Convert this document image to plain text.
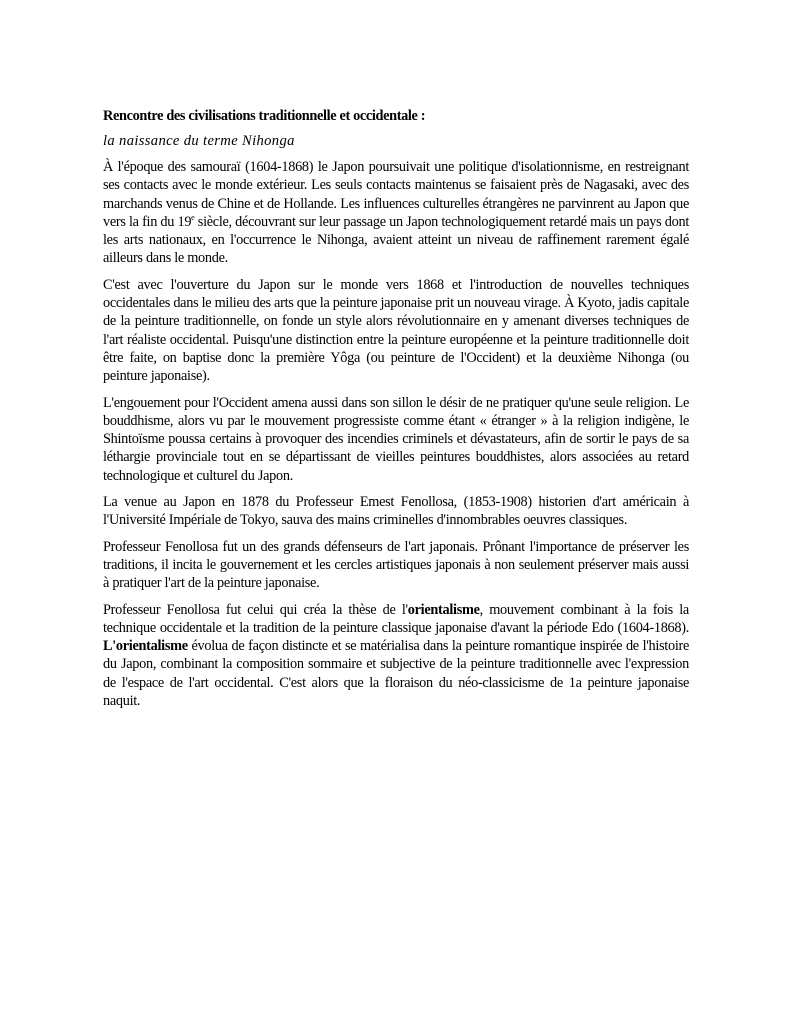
Rencontre des civilisations traditionnelle et occidentale :
la naissance du terme Nihonga

À l'époque des samouraï (1604-1868) le Japon poursuivait une politique d'isolationnisme, en restreignant ses contacts avec le monde extérieur. Les seuls contacts maintenus se faisaient près de Nagasaki, avec des marchands venus de Chine et de Hollande. Les influences culturelles étrangères ne parvinrent au Japon que vers la fin du 19e siècle, découvrant sur leur passage un Japon technologiquement retardé mais un pays dont les arts nationaux, en l'occurrence le Nihonga, avaient atteint un niveau de raffinement rarement égalé ailleurs dans le monde.

C'est avec l'ouverture du Japon sur le monde vers 1868 et l'introduction de nouvelles techniques occidentales dans le milieu des arts que la peinture japonaise prit un nouveau virage. À Kyoto, jadis capitale de la peinture traditionnelle, on fonde un style alors révolutionnaire en y amenant diverses techniques de l'art réaliste occidental. Puisqu'une distinction entre la peinture européenne et la peinture traditionnelle doit être faite, on baptise donc la première Yôga (ou peinture de l'Occident) et la deuxième Nihonga (ou peinture japonaise).

L'engouement pour l'Occident amena aussi dans son sillon le désir de ne pratiquer qu'une seule religion. Le bouddhisme, alors vu par le mouvement progressiste comme étant « étranger » à la religion indigène, le Shintoïsme poussa certains à provoquer des incendies criminels et dévastateurs, afin de sortir le pays de sa léthargie provinciale tout en se départissant de vieilles peintures bouddhistes, alors associées au retard technologique et culturel du Japon.

La venue au Japon en 1878 du Professeur Emest Fenollosa, (1853-1908) historien d'art américain à l'Université Impériale de Tokyo, sauva des mains criminelles d'innombrables oeuvres classiques.

Professeur Fenollosa fut un des grands défenseurs de l'art japonais. Prônant l'importance de préserver les traditions, il incita le gouvernement et les cercles artistiques japonais à non seulement préserver mais aussi à pratiquer l'art de la peinture japonaise.

Professeur Fenollosa fut celui qui créa la thèse de l'orientalisme, mouvement combinant à la fois la technique occidentale et la tradition de la peinture classique japonaise d'avant la période Edo (1604-1868). L'orientalisme évolua de façon distincte et se matérialisa dans la peinture romantique inspirée de l'histoire du Japon, combinant la composition sommaire et subjective de la peinture traditionnelle avec l'expression de l'espace de l'art occidental. C'est alors que la floraison du néo-classicisme de 1a peinture japonaise naquit.
